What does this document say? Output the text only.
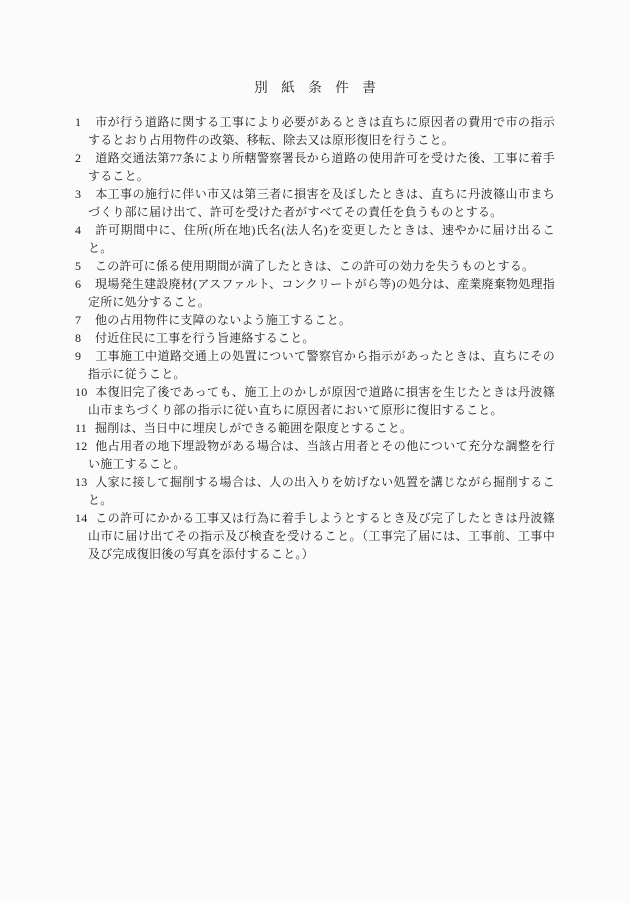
別　紙　条　件　書

1 市が行う道路に関する工事により必要があるときは直ちに原因者の費用で市の指示するとおり占用物件の改築、移転、除去又は原形復旧を行うこと。

2 道路交通法第77条により所轄警察署長から道路の使用許可を受けた後、工事に着手すること。

3 本工事の施行に伴い市又は第三者に損害を及ぼしたときは、直ちに丹波篠山市まちづくり部に届け出て、許可を受けた者がすべてその責任を負うものとする。

4 許可期間中に、住所(所在地)氏名(法人名)を変更したときは、速やかに届け出ること。

5 この許可に係る使用期間が満了したときは、この許可の効力を失うものとする。

6 現場発生建設廃材(アスファルト、コンクリートがら等)の処分は、産業廃棄物処理指定所に処分すること。

7 他の占用物件に支障のないよう施工すること。

8 付近住民に工事を行う旨連絡すること。

9 工事施工中道路交通上の処置について警察官から指示があったときは、直ちにその指示に従うこと。

10 本復旧完了後であっても、施工上のかしが原因で道路に損害を生じたときは丹波篠山市まちづくり部の指示に従い直ちに原因者において原形に復旧すること。

11 掘削は、当日中に埋戻しができる範囲を限度とすること。

12 他占用者の地下埋設物がある場合は、当該占用者とその他について充分な調整を行い施工すること。

13 人家に接して掘削する場合は、人の出入りを妨げない処置を講じながら掘削すること。

14 この許可にかかる工事又は行為に着手しようとするとき及び完了したときは丹波篠山市に届け出てその指示及び検査を受けること。（工事完了届には、工事前、工事中及び完成復旧後の写真を添付すること。）
